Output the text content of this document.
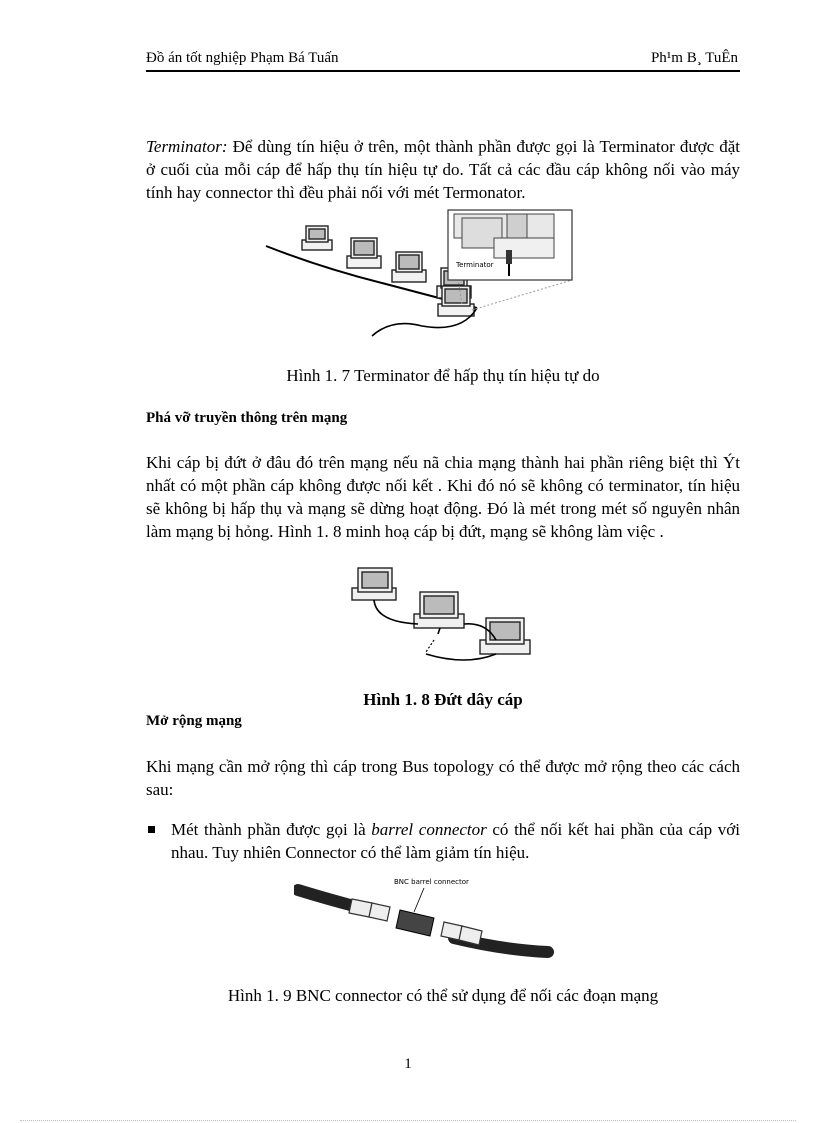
Đồ án tốt nghiệp Phạm Bá Tuấn	Ph¹m B¸ TuÊn

Terminator: Để dùng tín hiệu ở trên, một thành phần được gọi là Terminator được đặt ở cuối của mỗi cáp để hấp thụ tín hiệu tự do. Tất cả các đầu cáp không nối vào máy tính hay connector thì đều phải nối với mét Termonator.

Terminator

Hình 1. 7 Terminator để hấp thụ tín hiệu tự do

Phá vỡ truyền thông trên mạng

Khi cáp bị đứt ở đâu đó trên mạng nếu nã chia mạng thành hai phần riêng biệt thì Ýt nhất có một phần cáp không được nối kết . Khi đó nó sẽ không có terminator, tín hiệu sẽ không bị hấp thụ và mạng sẽ dừng hoạt động. Đó là mét trong mét số nguyên nhân làm mạng bị hỏng. Hình 1. 8 minh hoạ cáp bị đứt, mạng sẽ không làm việc .

Hình 1. 8 Đứt dây cáp

Mở rộng mạng

Khi mạng cần mở rộng thì cáp trong Bus topology có thể được mở rộng theo các cách sau:

Mét thành phần được gọi là barrel connector có thể nối kết hai phần của cáp với nhau. Tuy nhiên Connector có thể làm giảm tín hiệu.
BNC barrel connector

Hình 1. 9 BNC connector có thể sử dụng để nối các đoạn mạng

1
